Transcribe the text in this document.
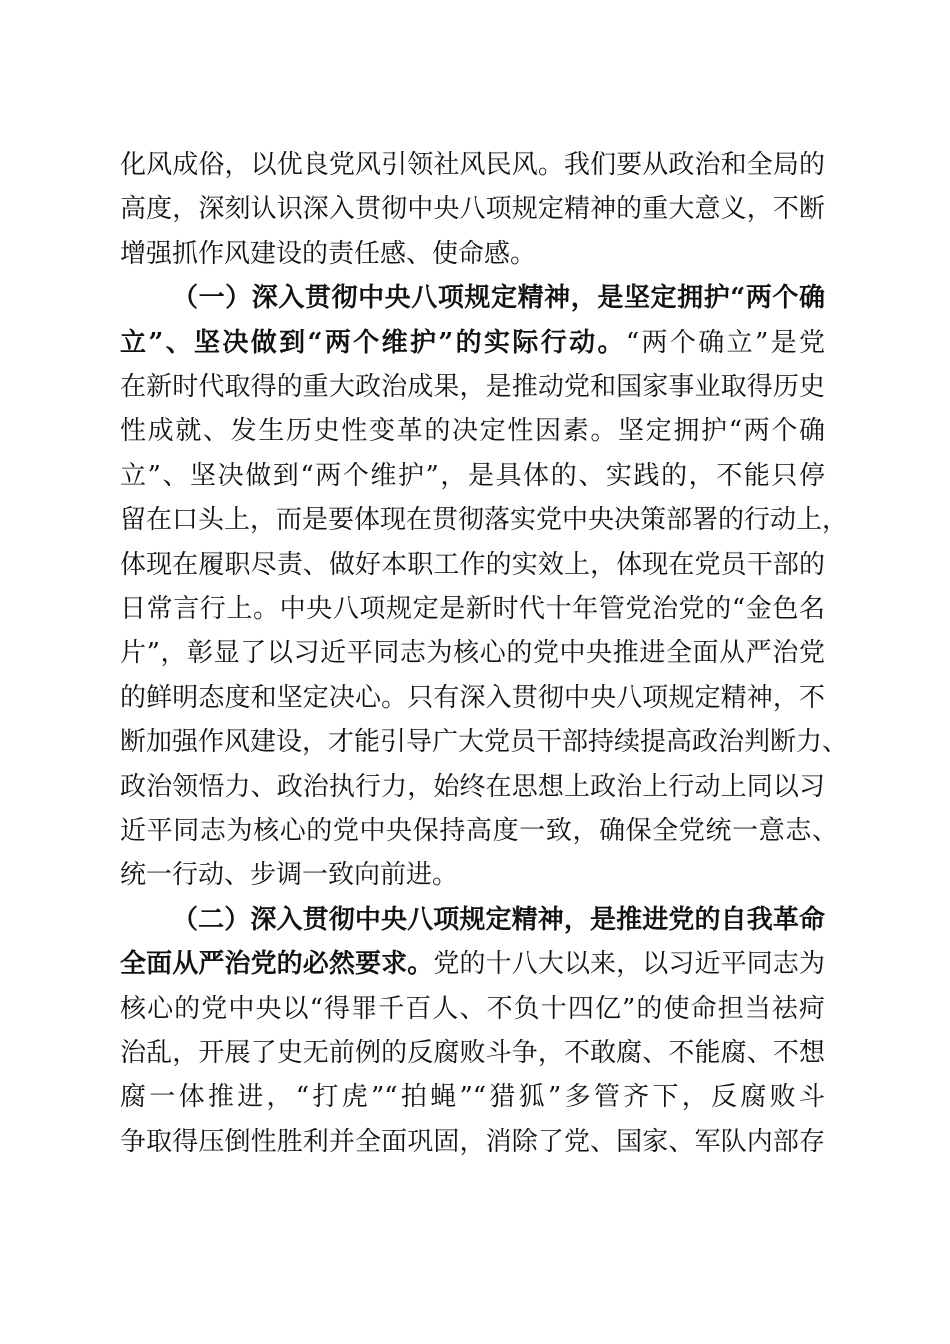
化风成俗，以优良党风引领社风民风。我们要从政治和全局的
高度，深刻认识深入贯彻中央八项规定精神的重大意义，不断
增强抓作风建设的责任感、使命感。
（一）深入贯彻中央八项规定精神，是坚定拥护“两个确
立”、坚决做到“两个维护”的实际行动。“两个确立”是党
在新时代取得的重大政治成果，是推动党和国家事业取得历史
性成就、发生历史性变革的决定性因素。坚定拥护“两个确
立”、坚决做到“两个维护”，是具体的、实践的，不能只停
留在口头上，而是要体现在贯彻落实党中央决策部署的行动上，
体现在履职尽责、做好本职工作的实效上，体现在党员干部的
日常言行上。中央八项规定是新时代十年管党治党的“金色名
片”，彰显了以习近平同志为核心的党中央推进全面从严治党
的鲜明态度和坚定决心。只有深入贯彻中央八项规定精神，不
断加强作风建设，才能引导广大党员干部持续提高政治判断力、
政治领悟力、政治执行力，始终在思想上政治上行动上同以习
近平同志为核心的党中央保持高度一致，确保全党统一意志、
统一行动、步调一致向前进。
（二）深入贯彻中央八项规定精神，是推进党的自我革命
全面从严治党的必然要求。党的十八大以来，以习近平同志为
核心的党中央以“得罪千百人、不负十四亿”的使命担当祛疴
治乱，开展了史无前例的反腐败斗争，不敢腐、不能腐、不想
腐一体推进，“打虎”“拍蝇”“猎狐”多管齐下，反腐败斗
争取得压倒性胜利并全面巩固，消除了党、国家、军队内部存
